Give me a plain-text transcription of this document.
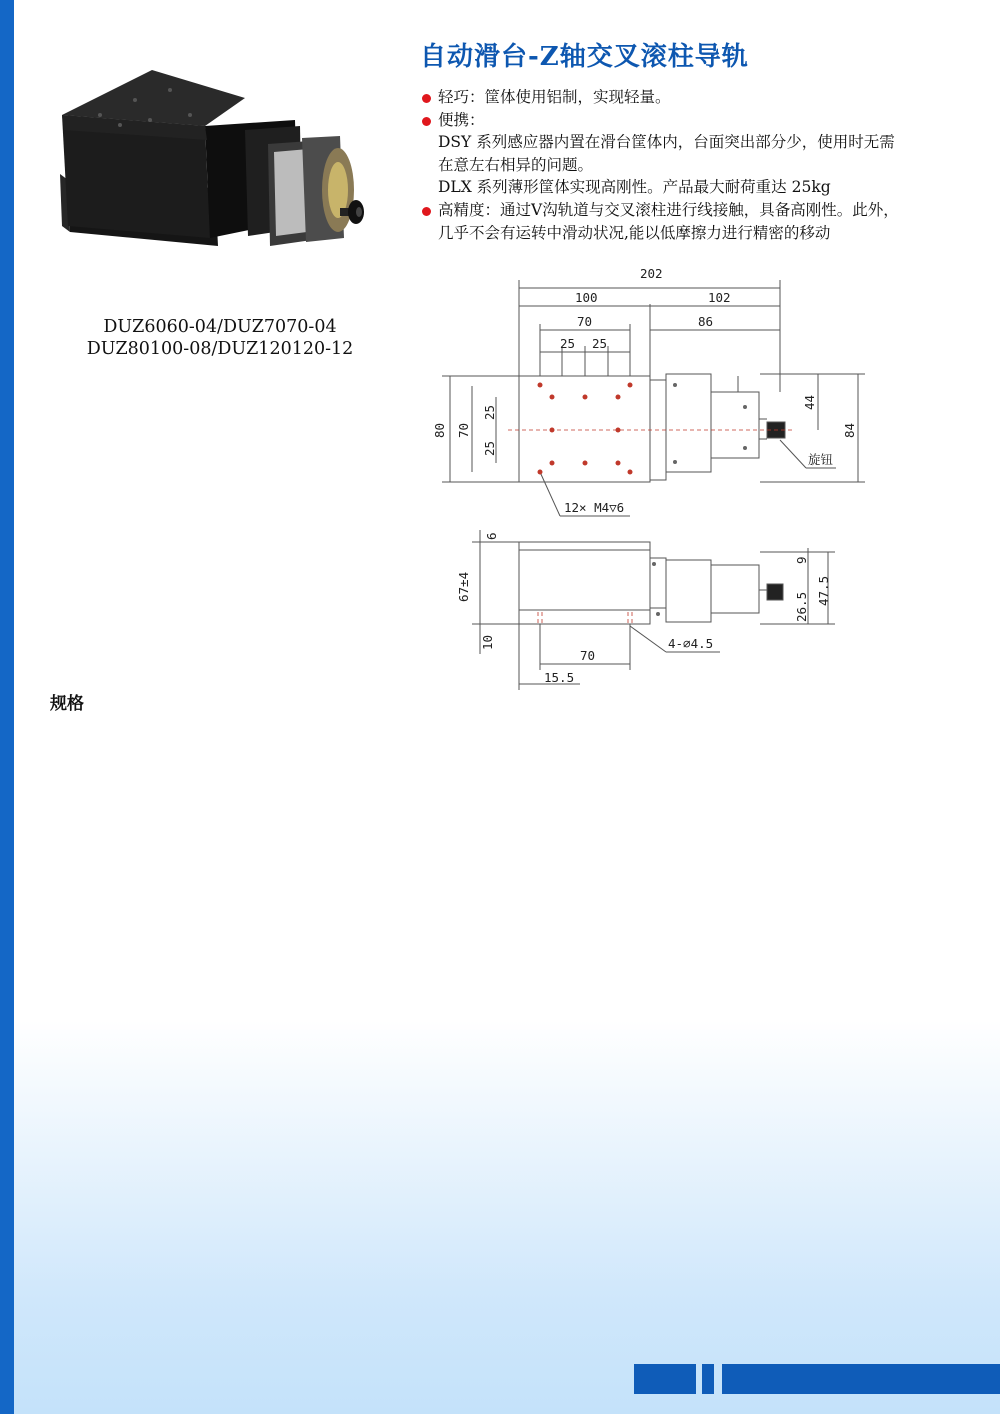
自动滑台-Z轴交叉滚柱导轨
轻巧：筐体使用铝制，实现轻量。
便携：
DSY 系列感应器内置在滑台筐体内，台面突出部分少，使用时无需
在意左右相异的问题。
DLX 系列薄形筐体实现高刚性。产品最大耐荷重达 25kg
高精度：通过V沟轨道与交叉滚柱进行线接触，具备高刚性。此外，
几乎不会有运转中滑动状况,能以低摩擦力进行精密的移动
DUZ6060-04/DUZ7070-04
DUZ80100-08/DUZ120120-12
规格
202
100	102
70	86
25 25
80 70
25
25
44
84
旋钮
12× M4▽6
6
67±4
10
9
26.5
47.5
70
15.5
4-∅4.5
